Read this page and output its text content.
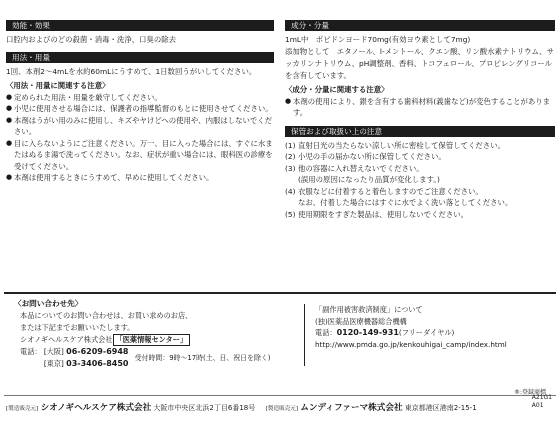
効能・効果

口腔内およびのどの殺菌・消毒・洗浄、口臭の除去

用法・用量

1回、本剤2～4mLを水約60mLにうすめて、1日数回うがいしてください。

〈用法・用量に関連する注意〉
● 定められた用法・用量を厳守してください。
● 小児に使用させる場合には、保護者の指導監督のもとに使用させてください。
● 本剤はうがい用のみに使用し、キズやヤけどへの使用や、内服はしないでください。
● 目に入らないようにご注意ください。万一、目に入った場合には、すぐに水またはぬるま湯で洗ってください。なお、症状が重い場合には、眼科医の診療を受けてください。
● 本剤は使用するときにうすめて、早めに使用してください。
成分・分量

1mL中　ポビドンヨード70mg(有効ヨウ素として7mg)
添加物として　エタノール、l-メントール、クエン酸、リン酸水素ナトリウム、サッカリンナトリウム、pH調整剤、香料、トコフェロール、プロピレングリコールを含有しています。

〈成分・分量に関連する注意〉
● 本剤の使用により、銀を含有する歯科材料(義歯など)が変色することがあります。
保管および取扱い上の注意
(1) 直射日光の当たらない涼しい所に密栓して保管してください。
(2) 小児の手の届かない所に保管してください。
(3) 他の容器に入れ替えないでください。
(誤用の原因になったり品質が変化します。)
(4) 衣服などに付着すると着色しますのでご注意ください。
なお、付着した場合にはすぐに水でよく洗い落としてください。
(5) 使用期限をすぎた製品は、使用しないでください。
〈お問い合わせ先〉
本品についてのお問い合わせは、お買い求めのお店、
または下記までお願いいたします。
シオノギヘルスケア株式会社 「医薬情報センター」
電話： [大阪] 06-6209-6948
[東京] 03-3406-8450 受付時間：9時～17時(土、日、祝日を除く)
「副作用被害救済制度」について
(独)医薬品医療機器総合機構
電話：0120-149-931(フリーダイヤル)
http://www.pmda.go.jp/kenkouhigai_camp/index.html
®:登録商標
[製造販売元] シオノギヘルスケア株式会社 大阪市中央区北浜2丁目6番18号 [製造販売元] ムンディファーマ株式会社 東京都港区港南2-15-1
A21G1
A01
